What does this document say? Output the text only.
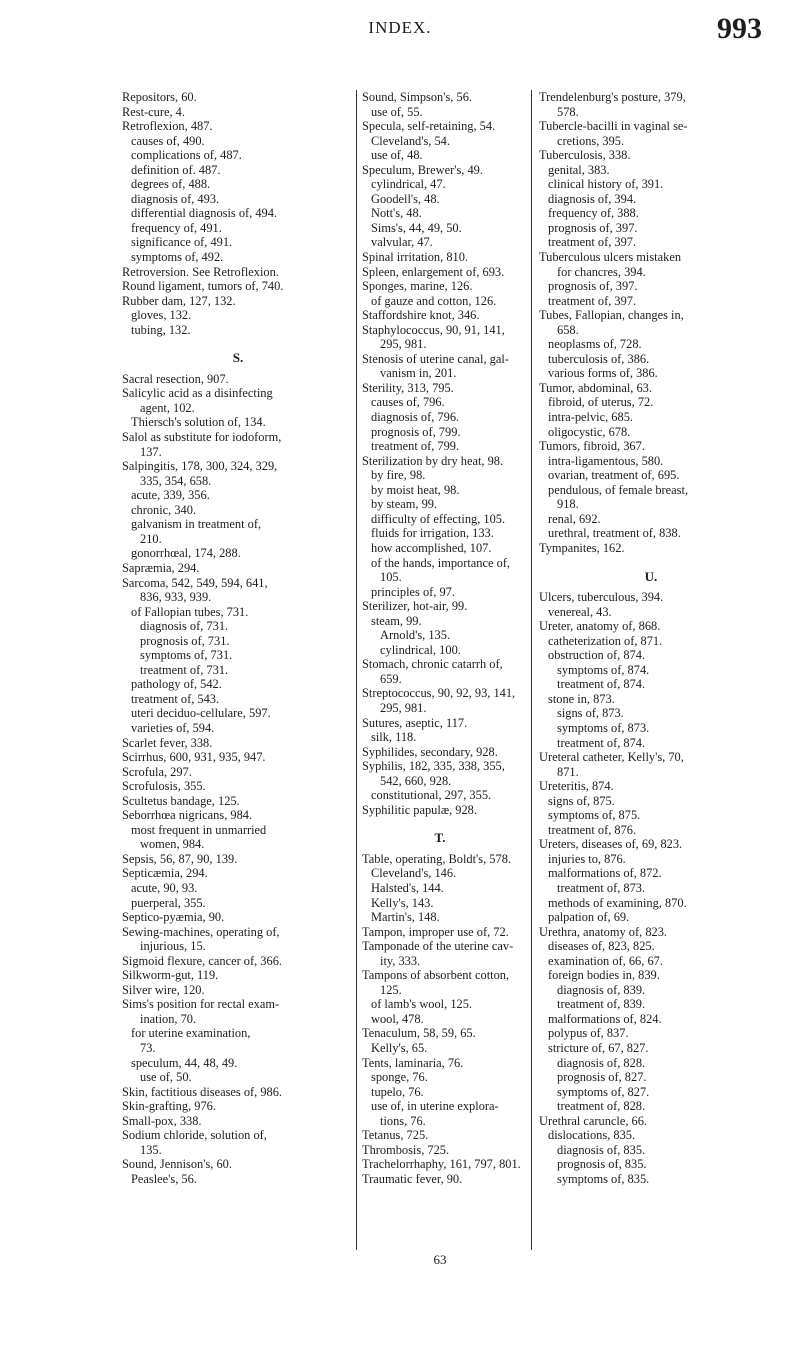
INDEX.	993
Repositors, 60.
Rest-cure, 4.
Retroflexion, 487.
causes of, 490.
complications of, 487.
definition of. 487.
degrees of, 488.
diagnosis of, 493.
differential diagnosis of, 494.
frequency of, 491.
significance of, 491.
symptoms of, 492.
Retroversion. See Retroflexion.
Round ligament, tumors of, 740.
Rubber dam, 127, 132.
gloves, 132.
tubing, 132.
S.
Sacral resection, 907.
Salicylic acid as a disinfecting
agent, 102.
Thiersch's solution of, 134.
Salol as substitute for iodoform,
137.
Salpingitis, 178, 300, 324, 329,
335, 354, 658.
acute, 339, 356.
chronic, 340.
galvanism in treatment of,
210.
gonorrhœal, 174, 288.
Sapræmia, 294.
Sarcoma, 542, 549, 594, 641,
836, 933, 939.
of Fallopian tubes, 731.
diagnosis of, 731.
prognosis of, 731.
symptoms of, 731.
treatment of, 731.
pathology of, 542.
treatment of, 543.
uteri deciduo-cellulare, 597.
varieties of, 594.
Scarlet fever, 338.
Scirrhus, 600, 931, 935, 947.
Scrofula, 297.
Scrofulosis, 355.
Scultetus bandage, 125.
Seborrhœa nigricans, 984.
most frequent in unmarried
women, 984.
Sepsis, 56, 87, 90, 139.
Septicæmia, 294.
acute, 90, 93.
puerperal, 355.
Septico-pyæmia, 90.
Sewing-machines, operating of,
injurious, 15.
Sigmoid flexure, cancer of, 366.
Silkworm-gut, 119.
Silver wire, 120.
Sims's position for rectal exam-
ination, 70.
for uterine examination,
73.
speculum, 44, 48, 49.
use of, 50.
Skin, factitious diseases of, 986.
Skin-grafting, 976.
Small-pox, 338.
Sodium chloride, solution of,
135.
Sound, Jennison's, 60.
Peaslee's, 56.
Sound, Simpson's, 56.
use of, 55.
Specula, self-retaining, 54.
Cleveland's, 54.
use of, 48.
Speculum, Brewer's, 49.
cylindrical, 47.
Goodell's, 48.
Nott's, 48.
Sims's, 44, 49, 50.
valvular, 47.
Spinal irritation, 810.
Spleen, enlargement of, 693.
Sponges, marine, 126.
of gauze and cotton, 126.
Staffordshire knot, 346.
Staphylococcus, 90, 91, 141,
295, 981.
Stenosis of uterine canal, gal-
vanism in, 201.
Sterility, 313, 795.
causes of, 796.
diagnosis of, 796.
prognosis of, 799.
treatment of, 799.
Sterilization by dry heat, 98.
by fire, 98.
by moist heat, 98.
by steam, 99.
difficulty of effecting, 105.
fluids for irrigation, 133.
how accomplished, 107.
of the hands, importance of,
105.
principles of, 97.
Sterilizer, hot-air, 99.
steam, 99.
Arnold's, 135.
cylindrical, 100.
Stomach, chronic catarrh of,
659.
Streptococcus, 90, 92, 93, 141,
295, 981.
Sutures, aseptic, 117.
silk, 118.
Syphilides, secondary, 928.
Syphilis, 182, 335, 338, 355,
542, 660, 928.
constitutional, 297, 355.
Syphilitic papulæ, 928.
T.
Table, operating, Boldt's, 578.
Cleveland's, 146.
Halsted's, 144.
Kelly's, 143.
Martin's, 148.
Tampon, improper use of, 72.
Tamponade of the uterine cav-
ity, 333.
Tampons of absorbent cotton,
125.
of lamb's wool, 125.
wool, 478.
Tenaculum, 58, 59, 65.
Kelly's, 65.
Tents, laminaria, 76.
sponge, 76.
tupelo, 76.
use of, in uterine explora-
tions, 76.
Tetanus, 725.
Thrombosis, 725.
Trachelorrhaphy, 161, 797, 801.
Traumatic fever, 90.
Trendelenburg's posture, 379,
578.
Tubercle-bacilli in vaginal se-
cretions, 395.
Tuberculosis, 338.
genital, 383.
clinical history of, 391.
diagnosis of, 394.
frequency of, 388.
prognosis of, 397.
treatment of, 397.
Tuberculous ulcers mistaken
for chancres, 394.
prognosis of, 397.
treatment of, 397.
Tubes, Fallopian, changes in,
658.
neoplasms of, 728.
tuberculosis of, 386.
various forms of, 386.
Tumor, abdominal, 63.
fibroid, of uterus, 72.
intra-pelvic, 685.
oligocystic, 678.
Tumors, fibroid, 367.
intra-ligamentous, 580.
ovarian, treatment of, 695.
pendulous, of female breast,
918.
renal, 692.
urethral, treatment of, 838.
Tympanites, 162.
U.
Ulcers, tuberculous, 394.
venereal, 43.
Ureter, anatomy of, 868.
catheterization of, 871.
obstruction of, 874.
symptoms of, 874.
treatment of, 874.
stone in, 873.
signs of, 873.
symptoms of, 873.
treatment of, 874.
Ureteral catheter, Kelly's, 70,
871.
Ureteritis, 874.
signs of, 875.
symptoms of, 875.
treatment of, 876.
Ureters, diseases of, 69, 823.
injuries to, 876.
malformations of, 872.
treatment of, 873.
methods of examining, 870.
palpation of, 69.
Urethra, anatomy of, 823.
diseases of, 823, 825.
examination of, 66, 67.
foreign bodies in, 839.
diagnosis of, 839.
treatment of, 839.
malformations of, 824.
polypus of, 837.
stricture of, 67, 827.
diagnosis of, 828.
prognosis of, 827.
symptoms of, 827.
treatment of, 828.
Urethral caruncle, 66.
dislocations, 835.
diagnosis of, 835.
prognosis of, 835.
symptoms of, 835.
63
